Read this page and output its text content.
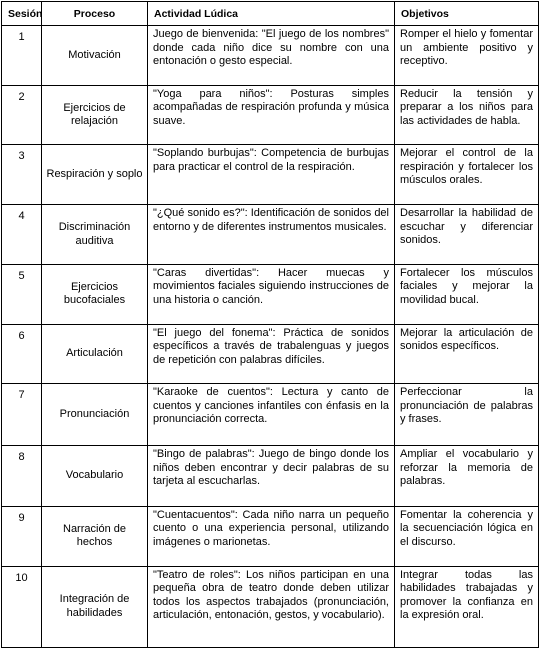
Sesión	Proceso	Actividad Lúdica	Objetivos
1	Motivación	Juego de bienvenida: "El juego de los nombres" donde cada niño dice su nombre con una entonación o gesto especial.	Romper el hielo y fomentar un ambiente positivo y receptivo.
2	Ejercicios de relajación	"Yoga para niños": Posturas simples acompañadas de respiración profunda y música suave.	Reducir la tensión y preparar a los niños para las actividades de habla.
3	Respiración y soplo	"Soplando burbujas": Competencia de burbujas para practicar el control de la respiración.	Mejorar el control de la respiración y fortalecer los músculos orales.
4	Discriminación auditiva	"¿Qué sonido es?": Identificación de sonidos del entorno y de diferentes instrumentos musicales.	Desarrollar la habilidad de escuchar y diferenciar sonidos.
5	Ejercicios bucofaciales	"Caras divertidas": Hacer muecas y movimientos faciales siguiendo instrucciones de una historia o canción.	Fortalecer los músculos faciales y mejorar la movilidad bucal.
6	Articulación	"El juego del fonema": Práctica de sonidos específicos a través de trabalenguas y juegos de repetición con palabras difíciles.	Mejorar la articulación de sonidos específicos.
7	Pronunciación	"Karaoke de cuentos": Lectura y canto de cuentos y canciones infantiles con énfasis en la pronunciación correcta.	Perfeccionar la pronunciación de palabras y frases.
8	Vocabulario	"Bingo de palabras": Juego de bingo donde los niños deben encontrar y decir palabras de su tarjeta al escucharlas.	Ampliar el vocabulario y reforzar la memoria de palabras.
9	Narración de hechos	"Cuentacuentos": Cada niño narra un pequeño cuento o una experiencia personal, utilizando imágenes o marionetas.	Fomentar la coherencia y la secuenciación lógica en el discurso.
10	Integración de habilidades	"Teatro de roles": Los niños participan en una pequeña obra de teatro donde deben utilizar todos los aspectos trabajados (pronunciación, articulación, entonación, gestos, y vocabulario).	Integrar todas las habilidades trabajadas y promover la confianza en la expresión oral.
